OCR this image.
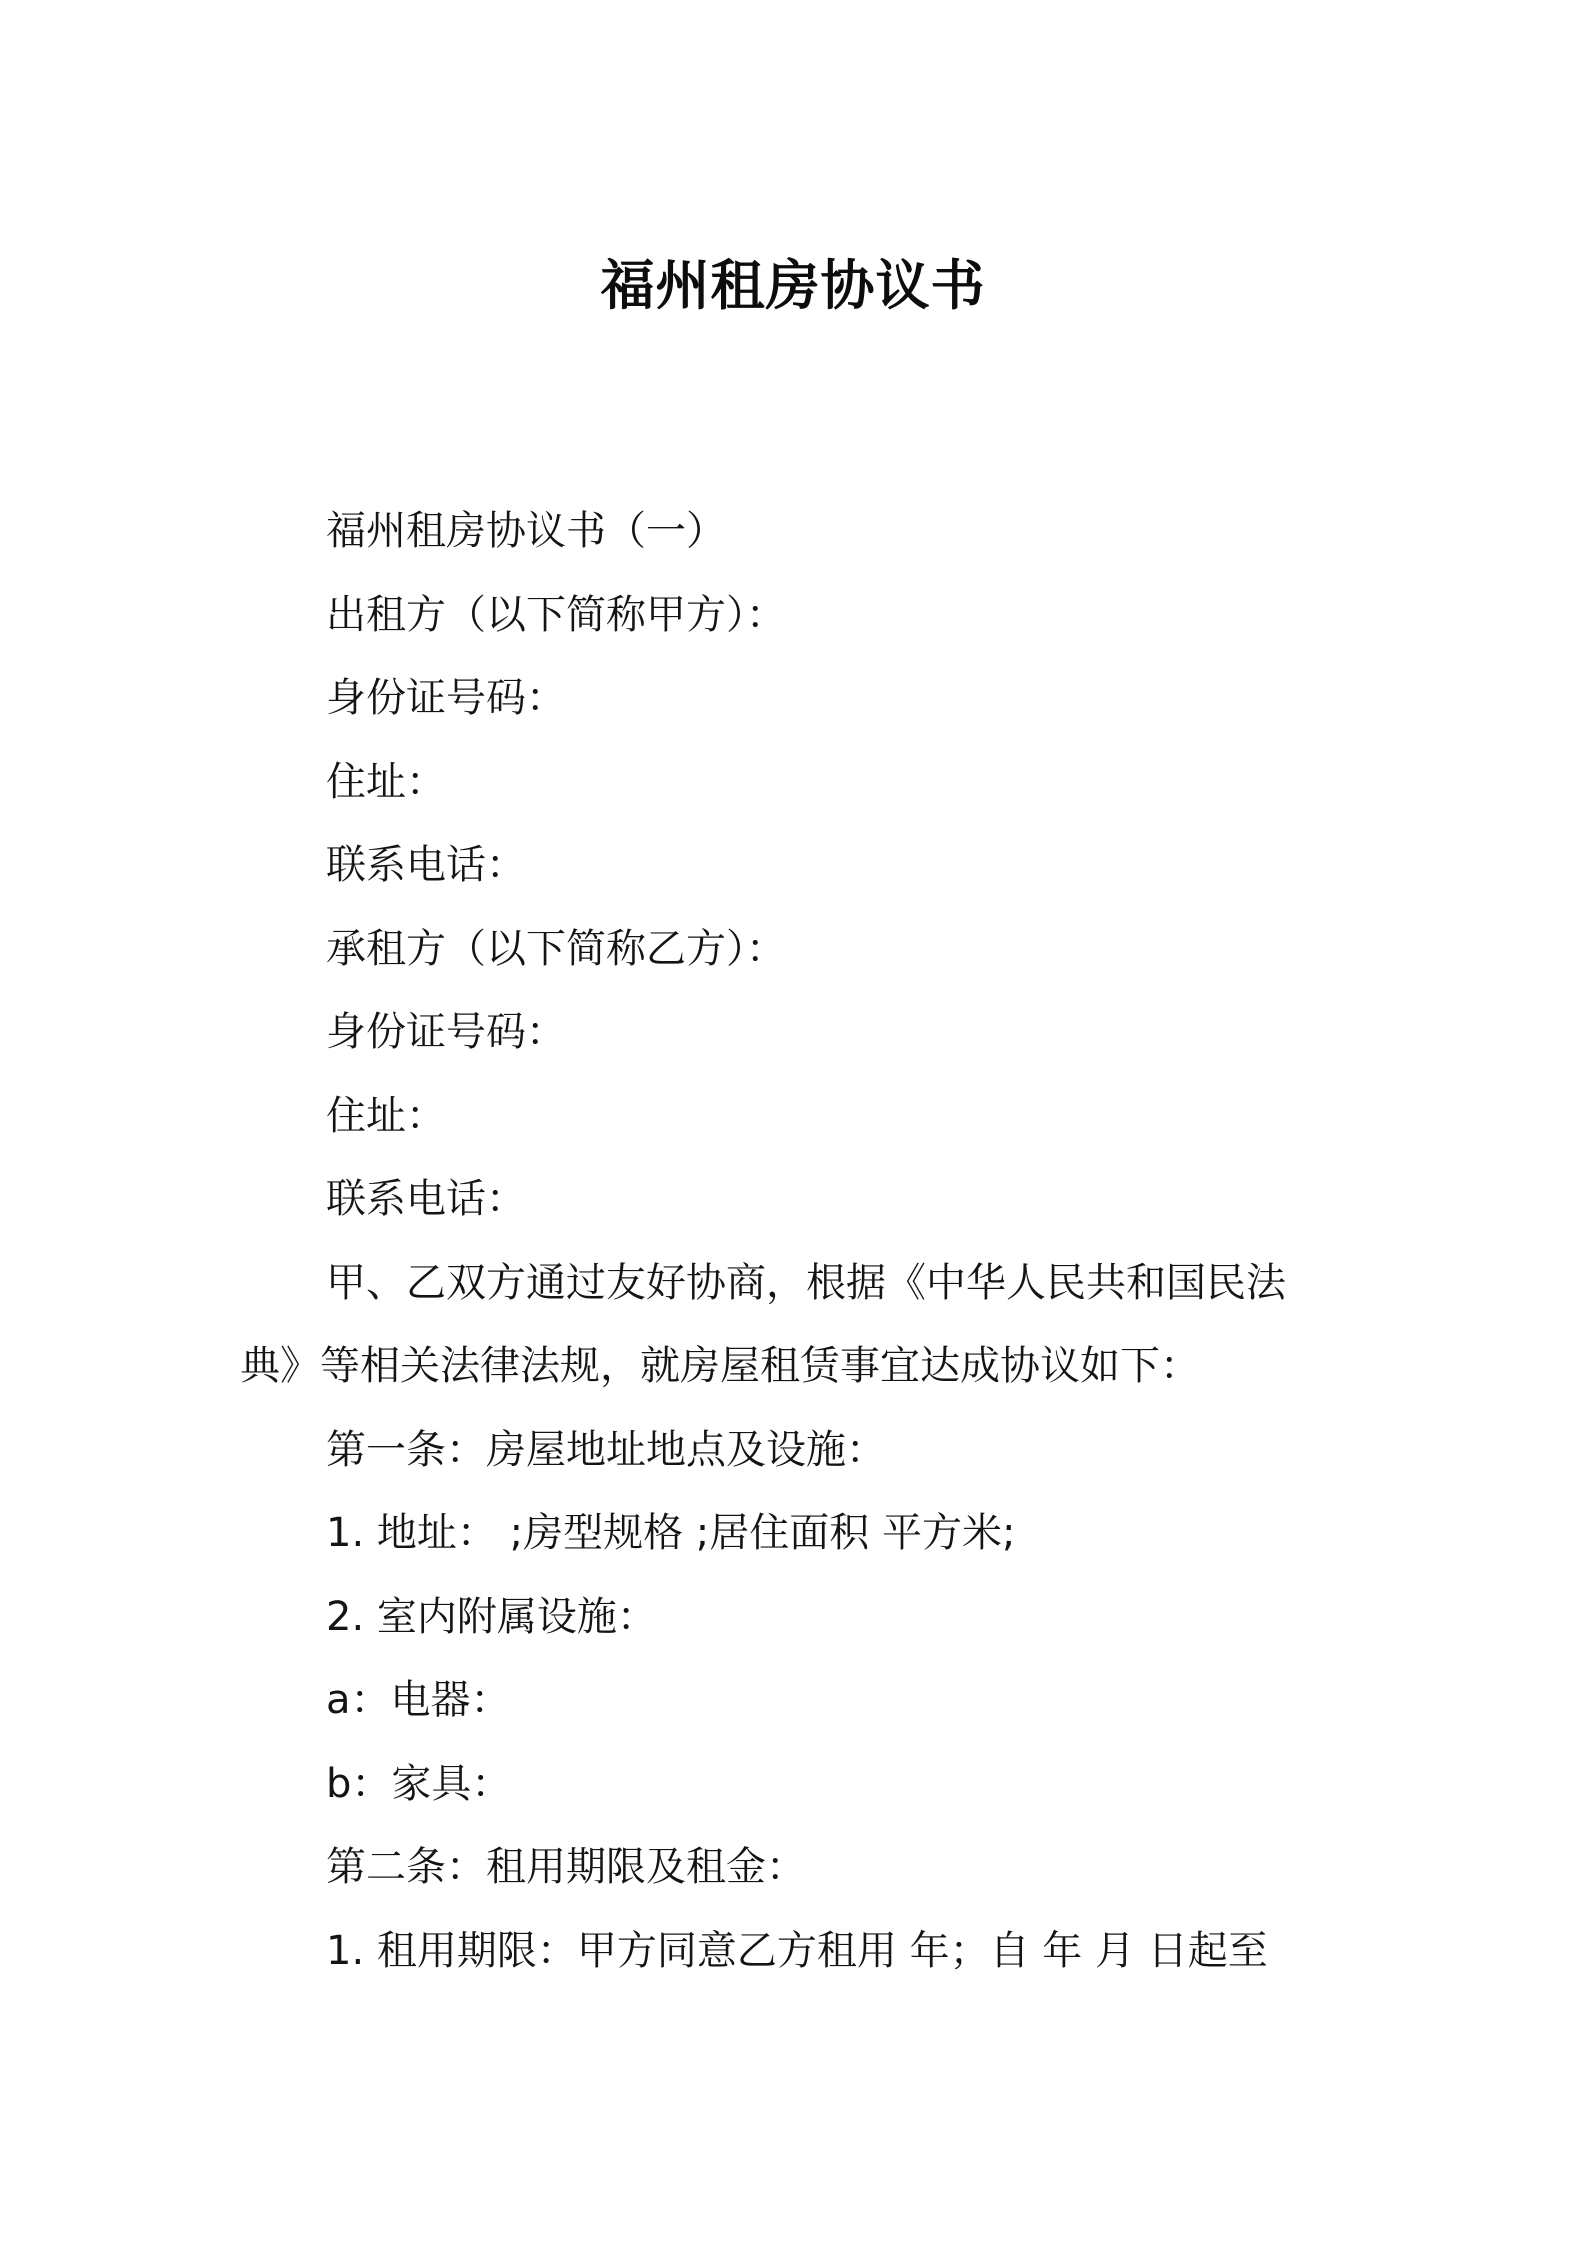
福州租房协议书
福州租房协议书（一）
出租方（以下简称甲方）：
身份证号码：
住址：
联系电话：
承租方（以下简称乙方）：
身份证号码：
住址：
联系电话：
甲、乙双方通过友好协商，根据《中华人民共和国民法
典》等相关法律法规，就房屋租赁事宜达成协议如下：
第一条：房屋地址地点及设施：
1. 地址： ;房型规格 ;居住面积 平方米;
2. 室内附属设施：
a：电器：
b：家具：
第二条：租用期限及租金：
1. 租用期限：甲方同意乙方租用 年；自 年 月 日起至
